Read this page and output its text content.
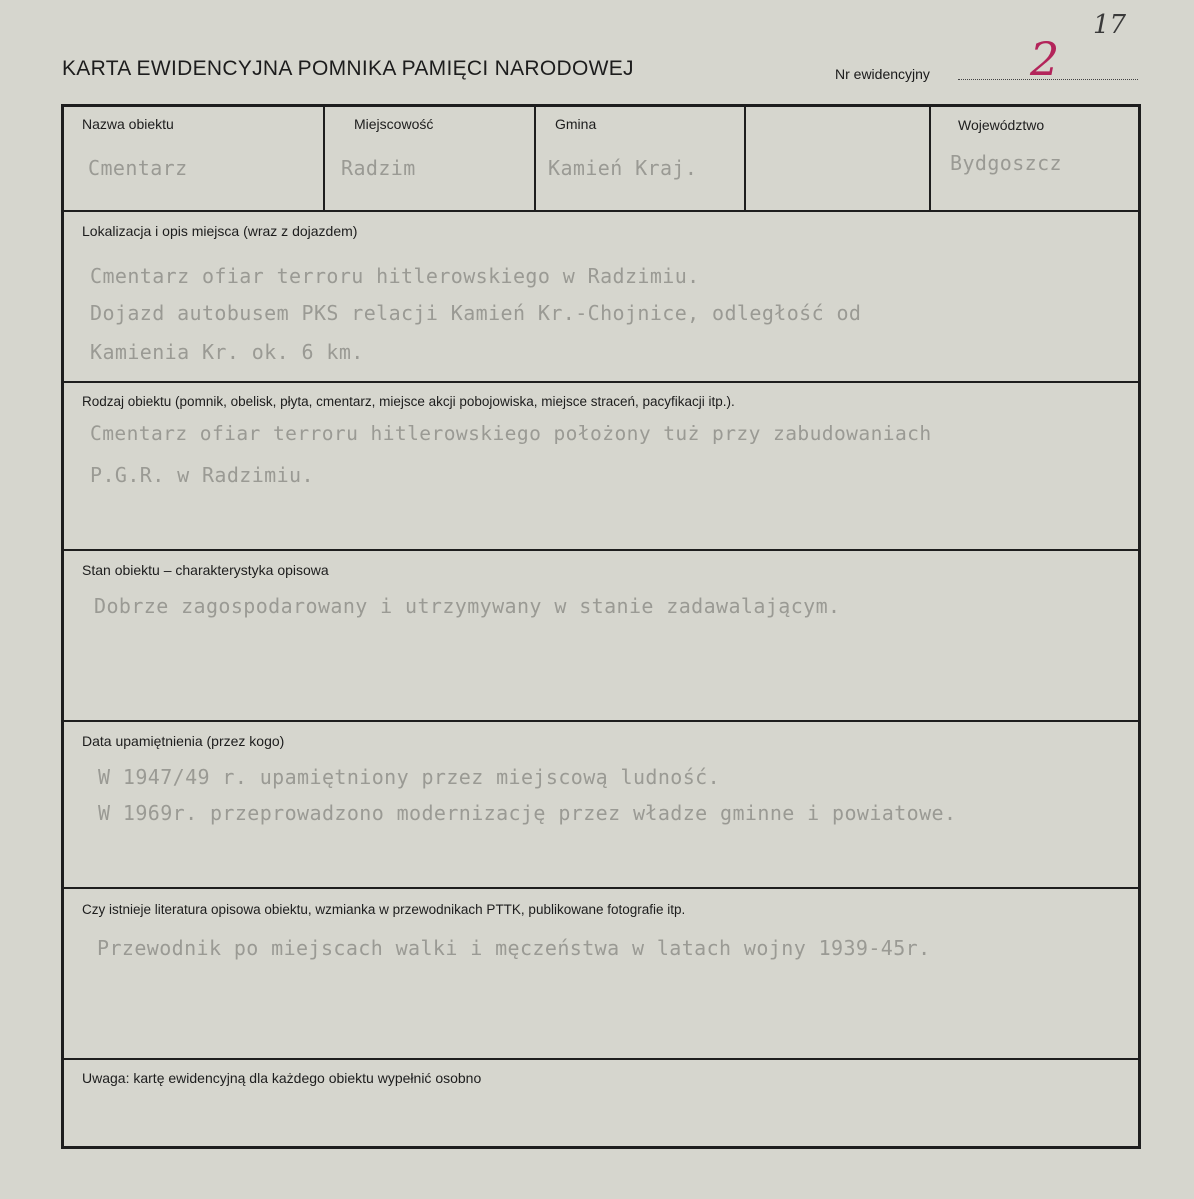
KARTA EWIDENCYJNA POMNIKA PAMIĘCI NARODOWEJ	Nr ewidencyjny 2
17
Nazwa obiektu
Cmentarz
Miejscowość
Radzim
Gmina
Kamień Kraj.
Województwo
Bydgoszcz
Lokalizacja i opis miejsca (wraz z dojazdem)
Cmentarz ofiar terroru hitlerowskiego w Radzimiu.
Dojazd autobusem PKS relacji Kamień Kr.-Chojnice, odległość od
Kamienia Kr. ok. 6 km.
Rodzaj obiektu (pomnik, obelisk, płyta, cmentarz, miejsce akcji pobojowiska, miejsce straceń, pacyfikacji itp.).
Cmentarz ofiar terroru hitlerowskiego położony tuż przy zabudowaniach
P.G.R. w Radzimiu.
Stan obiektu – charakterystyka opisowa
Dobrze zagospodarowany i utrzymywany w stanie zadawalającym.
Data upamiętnienia (przez kogo)
W 1947/49 r. upamiętniony przez miejscową ludność.
W 1969r. przeprowadzono modernizację przez władze gminne i powiatowe.
Czy istnieje literatura opisowa obiektu, wzmianka w przewodnikach PTTK, publikowane fotografie itp.
Przewodnik po miejscach walki i męczeństwa w latach wojny 1939-45r.
Uwaga: kartę ewidencyjną dla każdego obiektu wypełnić osobno
